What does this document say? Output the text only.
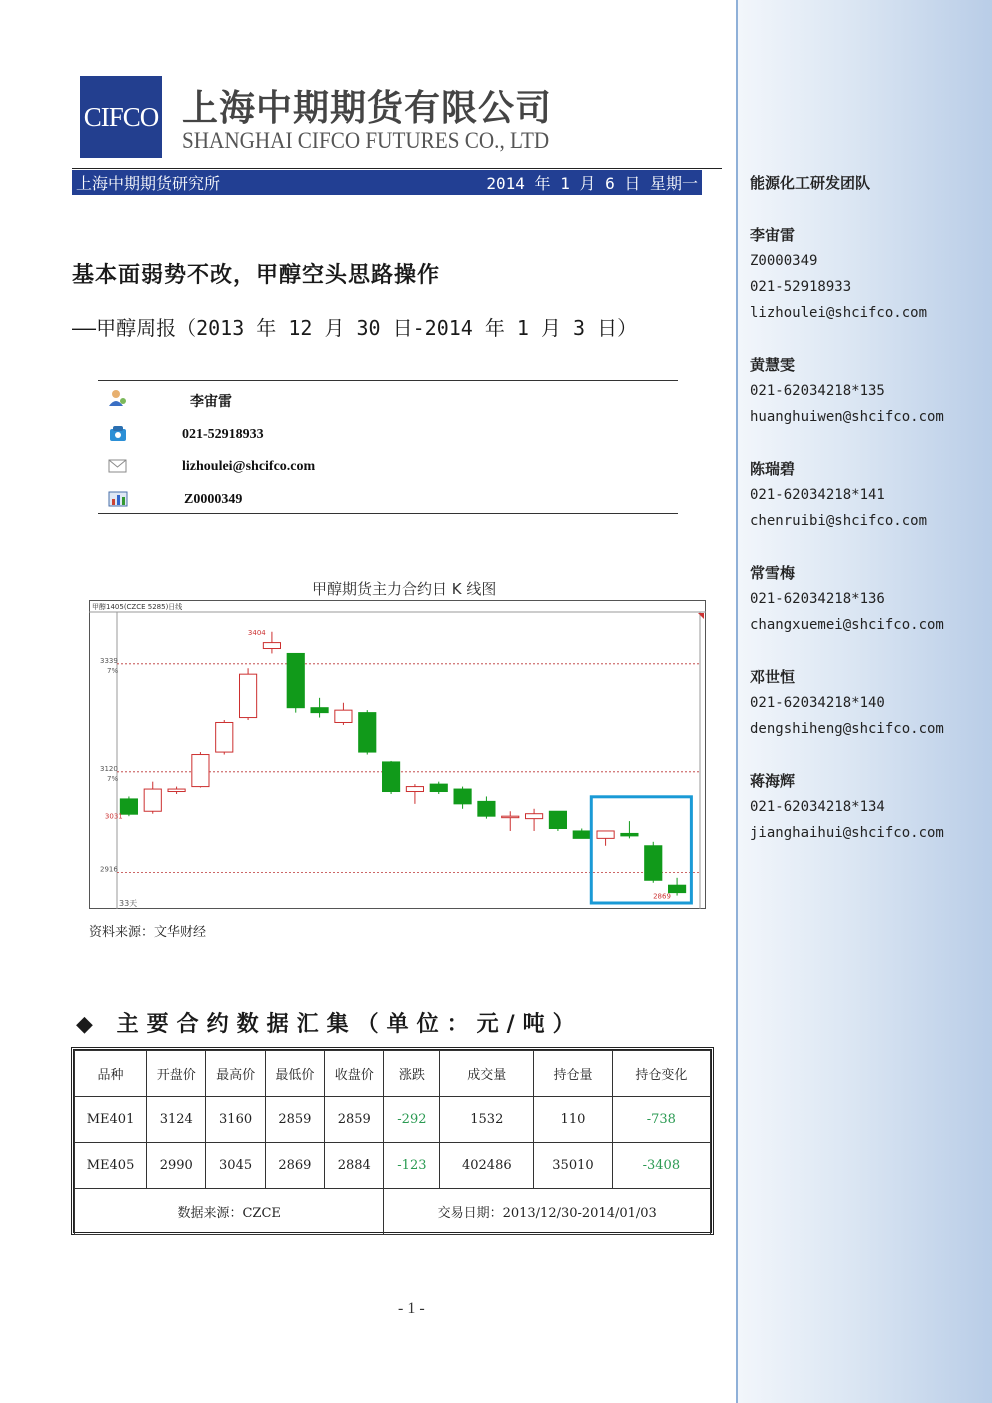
能源化工研发团队
李宙雷
Z0000349
021-52918933
lizhoulei@shcifco.com
黄慧雯
021-62034218*135
huanghuiwen@shcifco.com
陈瑞碧
021-62034218*141
chenruibi@shcifco.com
常雪梅
021-62034218*136
changxuemei@shcifco.com
邓世恒
021-62034218*140
dengshiheng@shcifco.com
蒋海辉
021-62034218*134
jianghaihui@shcifco.com
CIFCO 上海中期期货有限公司
SHANGHAI CIFCO FUTURES CO., LTD
上海中期期货研究所	2014 年 1 月 6 日 星期一
基本面弱势不改，甲醇空头思路操作
——甲醇周报（2013 年 12 月 30 日-2014 年 1 月 3 日）
李宙雷
021-52918933
lizhoulei@shcifco.com
Z0000349
甲醇期货主力合约日 K 线图
甲醇1405(CZCE 5285)日线
3339
7%
3120
7%
2916
3404
3031
2869
33天
资料来源：文华财经
◆ 主要合约数据汇集（单位：元/吨）
品种	开盘价	最高价	最低价	收盘价	涨跌	成交量	持仓量	持仓变化
ME401	3124	3160	2859	2859	-292	1532	110	-738
ME405	2990	3045	2869	2884	-123	402486	35010	-3408
数据来源：CZCE					交易日期：2013/12/30-2014/01/03			
- 1 -
